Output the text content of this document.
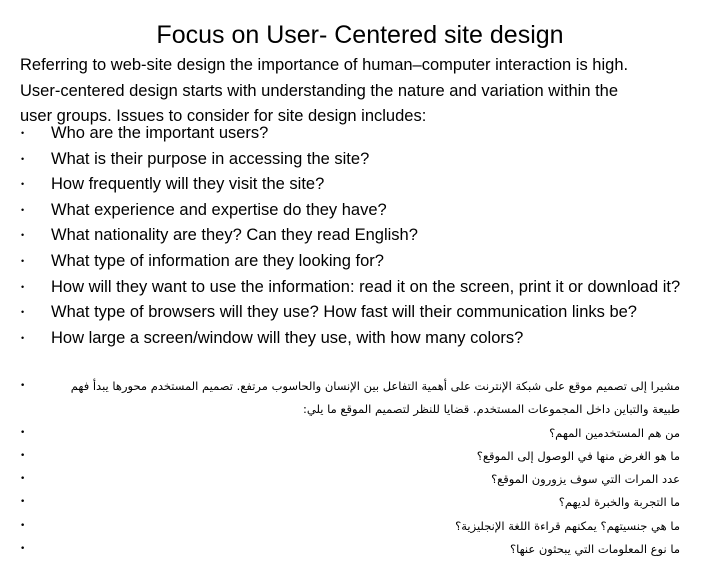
Focus on User- Centered site design
Referring to web-site design the importance of human–computer interaction is high.
User-centered design starts with understanding the nature and variation within the
user groups. Issues to consider for site design includes:
• Who are the important users?
• What is their purpose in accessing the site?
• How frequently will they visit the site?
• What experience and expertise do they have?
• What nationality are they? Can they read English?
• What type of information are they looking for?
• How will they want to use the information: read it on the screen, print it or download it?
• What type of browsers will they use? How fast will their communication links be?
• How large a screen/window will they use, with how many colors?
•	مشيرا إلى تصميم موقع على شبكة الإنترنت على أهمية التفاعل بين الإنسان والحاسوب مرتفع. تصميم المستخدم محورها يبدأ فهم طبيعة والتباين داخل المجموعات المستخدم. قضايا للنظر لتصميم الموقع ما يلي:
•	من هم المستخدمين المهم؟
•	ما هو الغرض منها في الوصول إلى الموقع؟
•	عدد المرات التي سوف يزورون الموقع؟
•	ما التجربة والخبرة لديهم؟
•	ما هي جنسيتهم؟ يمكنهم قراءة اللغة الإنجليزية؟
•	ما نوع المعلومات التي يبحثون عنها؟
